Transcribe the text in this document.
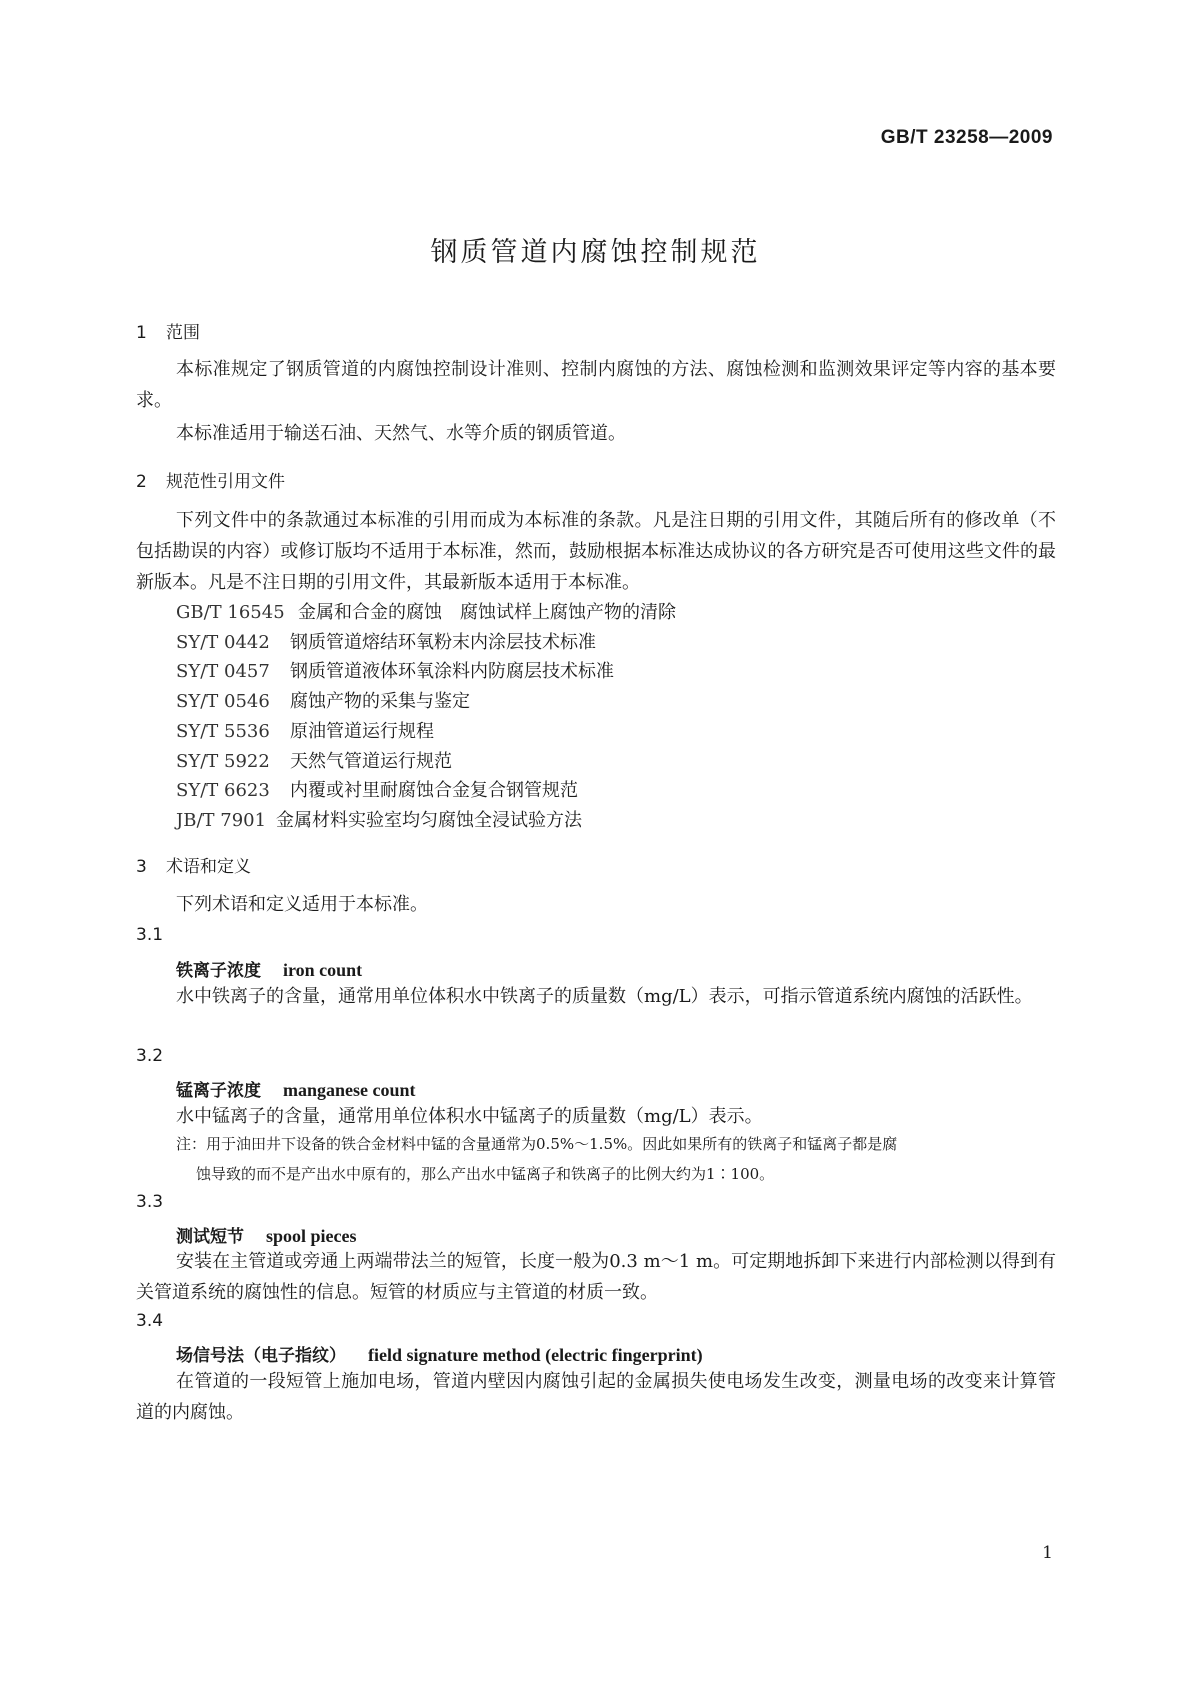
GB/T 23258—2009
钢质管道内腐蚀控制规范
1 范围
本标准规定了钢质管道的内腐蚀控制设计准则、控制内腐蚀的方法、腐蚀检测和监测效果评定等内容的基本要求。
本标准适用于输送石油、天然气、水等介质的钢质管道。
2 规范性引用文件
下列文件中的条款通过本标准的引用而成为本标准的条款。凡是注日期的引用文件，其随后所有的修改单（不包括勘误的内容）或修订版均不适用于本标准，然而，鼓励根据本标准达成协议的各方研究是否可使用这些文件的最新版本。凡是不注日期的引用文件，其最新版本适用于本标准。
GB/T 16545 金属和合金的腐蚀　腐蚀试样上腐蚀产物的清除
SY/T 0442 钢质管道熔结环氧粉末内涂层技术标准
SY/T 0457 钢质管道液体环氧涂料内防腐层技术标准
SY/T 0546 腐蚀产物的采集与鉴定
SY/T 5536 原油管道运行规程
SY/T 5922 天然气管道运行规范
SY/T 6623 内覆或衬里耐腐蚀合金复合钢管规范
JB/T 7901 金属材料实验室均匀腐蚀全浸试验方法
3 术语和定义
下列术语和定义适用于本标准。
3.1
铁离子浓度 iron count
水中铁离子的含量，通常用单位体积水中铁离子的质量数（mg/L）表示，可指示管道系统内腐蚀的活跃性。
3.2
锰离子浓度 manganese count
水中锰离子的含量，通常用单位体积水中锰离子的质量数（mg/L）表示。
注：用于油田井下设备的铁合金材料中锰的含量通常为0.5%～1.5%。因此如果所有的铁离子和锰离子都是腐
蚀导致的而不是产出水中原有的，那么产出水中锰离子和铁离子的比例大约为1∶100。
3.3
测试短节 spool pieces
安装在主管道或旁通上两端带法兰的短管，长度一般为0.3 m～1 m。可定期地拆卸下来进行内部检测以得到有关管道系统的腐蚀性的信息。短管的材质应与主管道的材质一致。
3.4
场信号法（电子指纹） field signature method (electric fingerprint)
在管道的一段短管上施加电场，管道内壁因内腐蚀引起的金属损失使电场发生改变，测量电场的改变来计算管道的内腐蚀。
1
